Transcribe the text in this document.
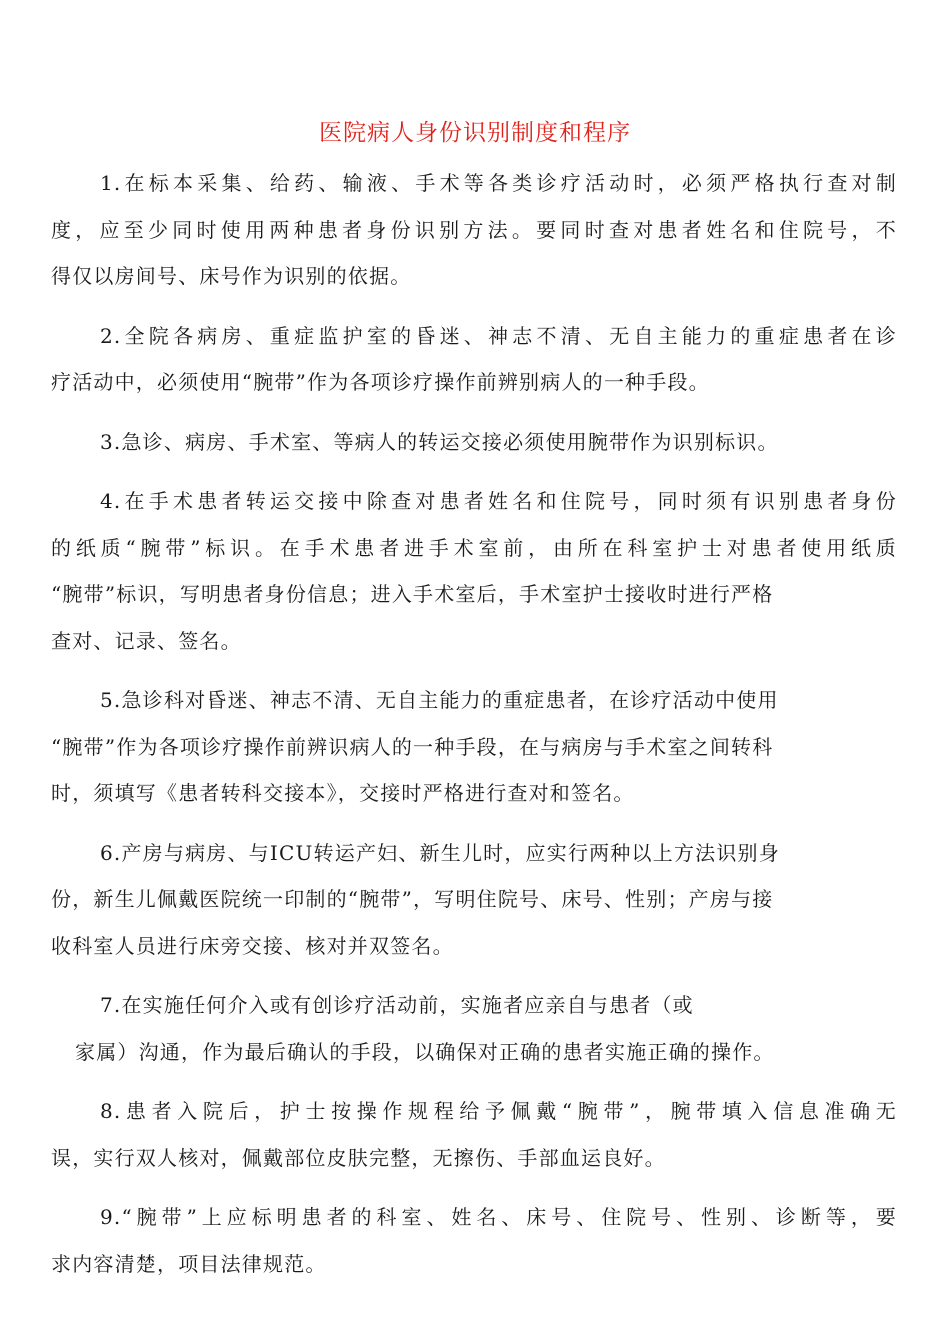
医院病人身份识别制度和程序
1.在标本采集、给药、输液、手术等各类诊疗活动时，必须严格执行查对制
度，应至少同时使用两种患者身份识别方法。要同时查对患者姓名和住院号，不
得仅以房间号、床号作为识别的依据。
2.全院各病房、重症监护室的昏迷、神志不清、无自主能力的重症患者在诊
疗活动中，必须使用“腕带”作为各项诊疗操作前辨别病人的一种手段。
3.急诊、病房、手术室、等病人的转运交接必须使用腕带作为识别标识。
4.在手术患者转运交接中除查对患者姓名和住院号，同时须有识别患者身份
的纸质“腕带”标识。在手术患者进手术室前，由所在科室护士对患者使用纸质
“腕带”标识，写明患者身份信息；进入手术室后，手术室护士接收时进行严格
查对、记录、签名。
5.急诊科对昏迷、神志不清、无自主能力的重症患者，在诊疗活动中使用
“腕带”作为各项诊疗操作前辨识病人的一种手段，在与病房与手术室之间转科
时，须填写《患者转科交接本》，交接时严格进行查对和签名。
6.产房与病房、与ICU转运产妇、新生儿时，应实行两种以上方法识别身
份，新生儿佩戴医院统一印制的“腕带”，写明住院号、床号、性别；产房与接
收科室人员进行床旁交接、核对并双签名。
7.在实施任何介入或有创诊疗活动前，实施者应亲自与患者（或
家属）沟通，作为最后确认的手段，以确保对正确的患者实施正确的操作。
8.患者入院后，护士按操作规程给予佩戴“腕带”，腕带填入信息准确无
误，实行双人核对，佩戴部位皮肤完整，无擦伤、手部血运良好。
9.“腕带”上应标明患者的科室、姓名、床号、住院号、性别、诊断等，要
求内容清楚，项目法律规范。
